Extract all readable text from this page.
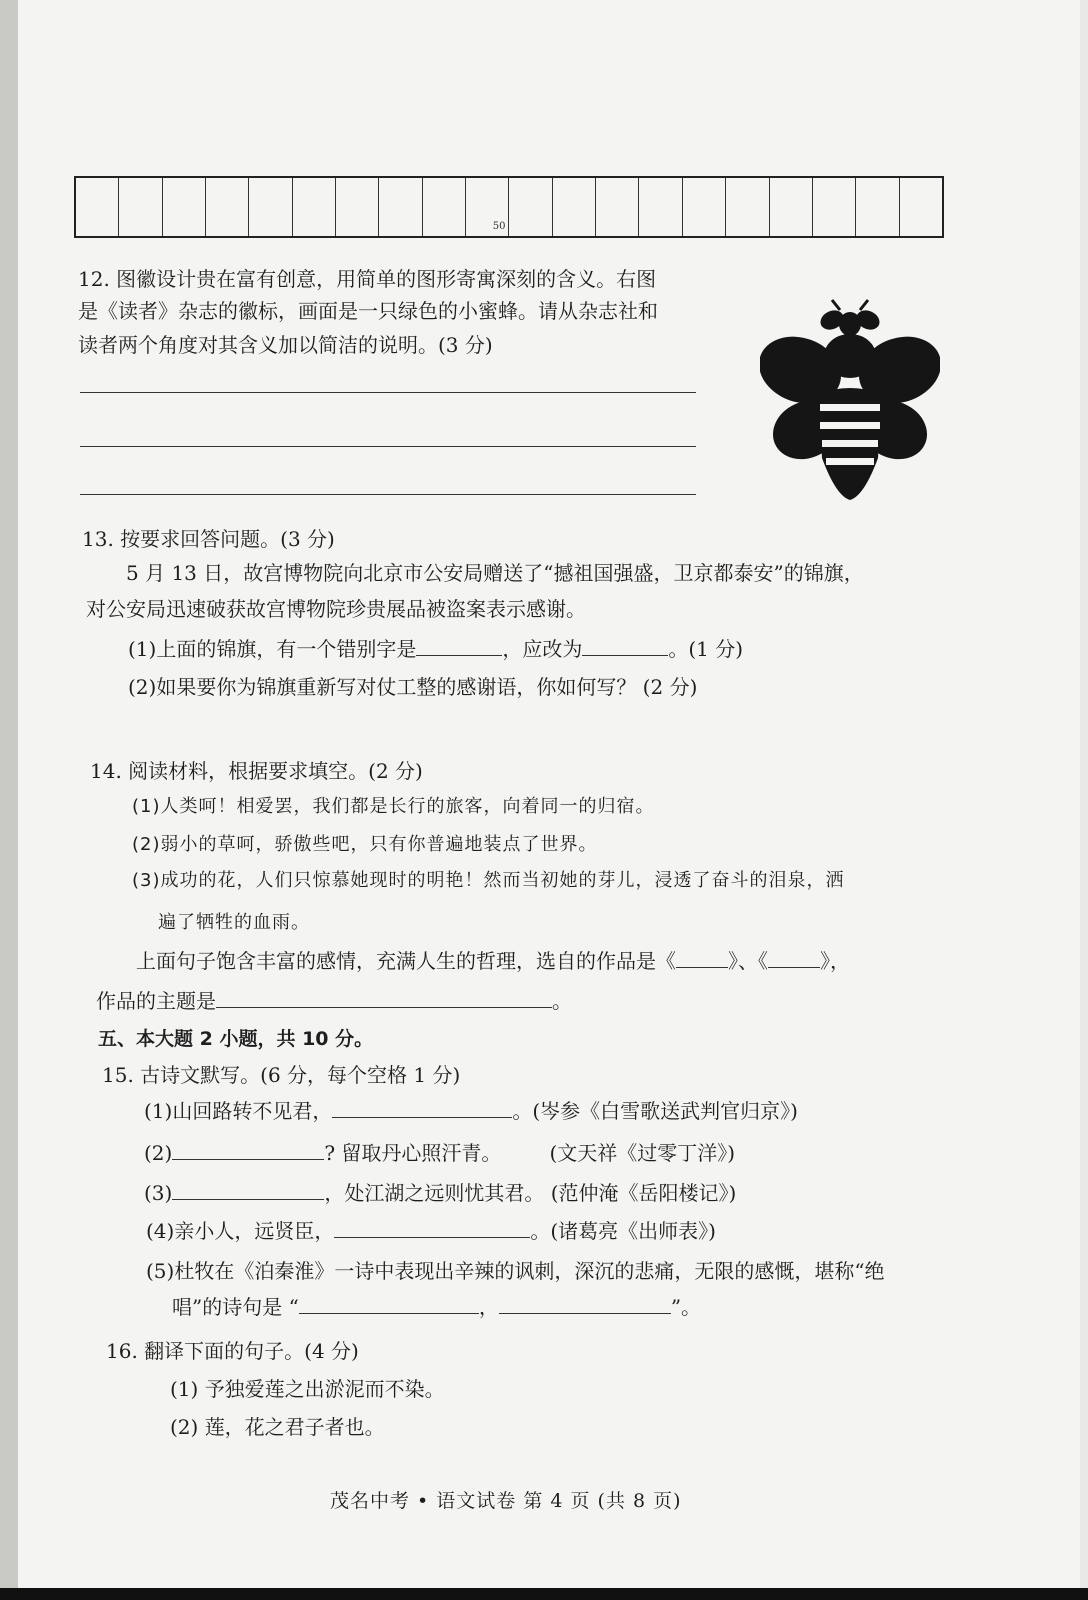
50
12. 图徽设计贵在富有创意，用简单的图形寄寓深刻的含义。右图
是《读者》杂志的徽标，画面是一只绿色的小蜜蜂。请从杂志社和
读者两个角度对其含义加以简洁的说明。(3 分)
13. 按要求回答问题。(3 分)
5 月 13 日，故宫博物院向北京市公安局赠送了“撼祖国强盛，卫京都泰安”的锦旗，
对公安局迅速破获故宫博物院珍贵展品被盗案表示感谢。
(1)上面的锦旗，有一个错别字是	，应改为	。(1 分)
(2)如果要你为锦旗重新写对仗工整的感谢语，你如何写？ (2 分)
14. 阅读材料，根据要求填空。(2 分)
(1)人类呵！相爱罢，我们都是长行的旅客，向着同一的归宿。
(2)弱小的草呵，骄傲些吧，只有你普遍地装点了世界。
(3)成功的花，人们只惊慕她现时的明艳！然而当初她的芽儿，浸透了奋斗的泪泉，洒
遍了牺牲的血雨。
上面句子饱含丰富的感情，充满人生的哲理，选自的作品是《	》、《	》，
作品的主题是	。
五、本大题 2 小题，共 10 分。
15. 古诗文默写。(6 分，每个空格 1 分)
(1)山回路转不见君，	。(岑参《白雪歌送武判官归京》)
(2)	? 留取丹心照汗青。 (文天祥《过零丁洋》)
(3)	，处江湖之远则忧其君。 (范仲淹《岳阳楼记》)
(4)亲小人，远贤臣，	。(诸葛亮《出师表》)
(5)杜牧在《泊秦淮》一诗中表现出辛辣的讽刺，深沉的悲痛，无限的感慨，堪称“绝
唱”的诗句是 “	，	”。
16. 翻译下面的句子。(4 分)
(1) 予独爱莲之出淤泥而不染。
(2) 莲，花之君子者也。
茂名中考 • 语文试卷 第 4 页 (共 8 页)
